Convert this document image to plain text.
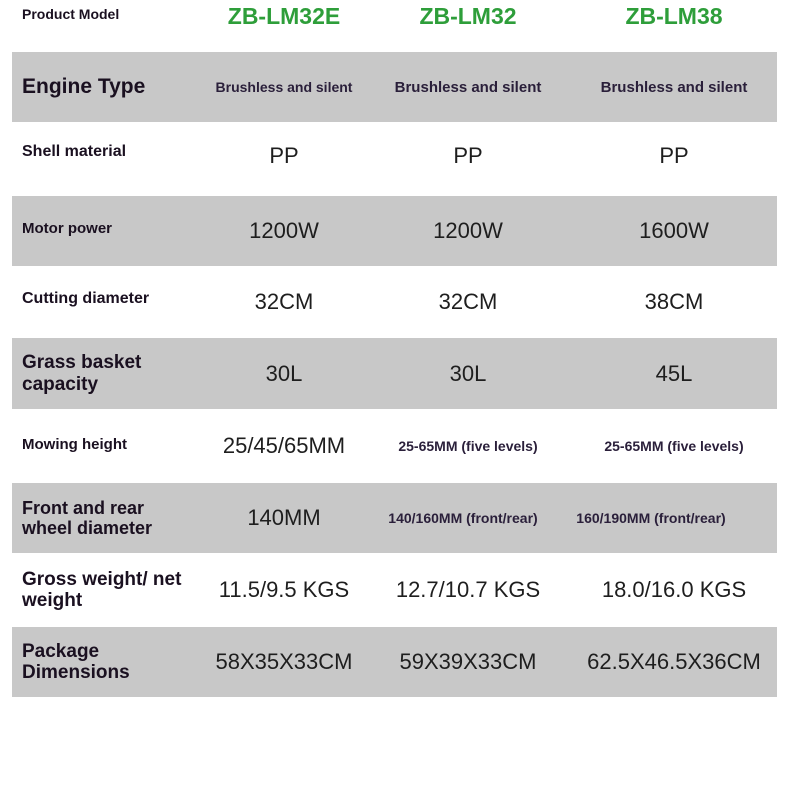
Product Model	ZB-LM32E	ZB-LM32	ZB-LM38
Engine Type	Brushless and silent	Brushless and silent	Brushless and silent
Shell material	PP	PP	PP
Motor power	1200W	1200W	1600W
Cutting diameter	32CM	32CM	38CM
Grass basket capacity	30L	30L	45L
Mowing height	25/45/65MM	25-65MM (five levels)	25-65MM (five levels)
Front and rear wheel diameter	140MM	140/160MM (front/rear)	160/190MM (front/rear)
Gross weight/ net weight	11.5/9.5 KGS	12.7/10.7 KGS	18.0/16.0 KGS
Package Dimensions	58X35X33CM	59X39X33CM	62.5X46.5X36CM
